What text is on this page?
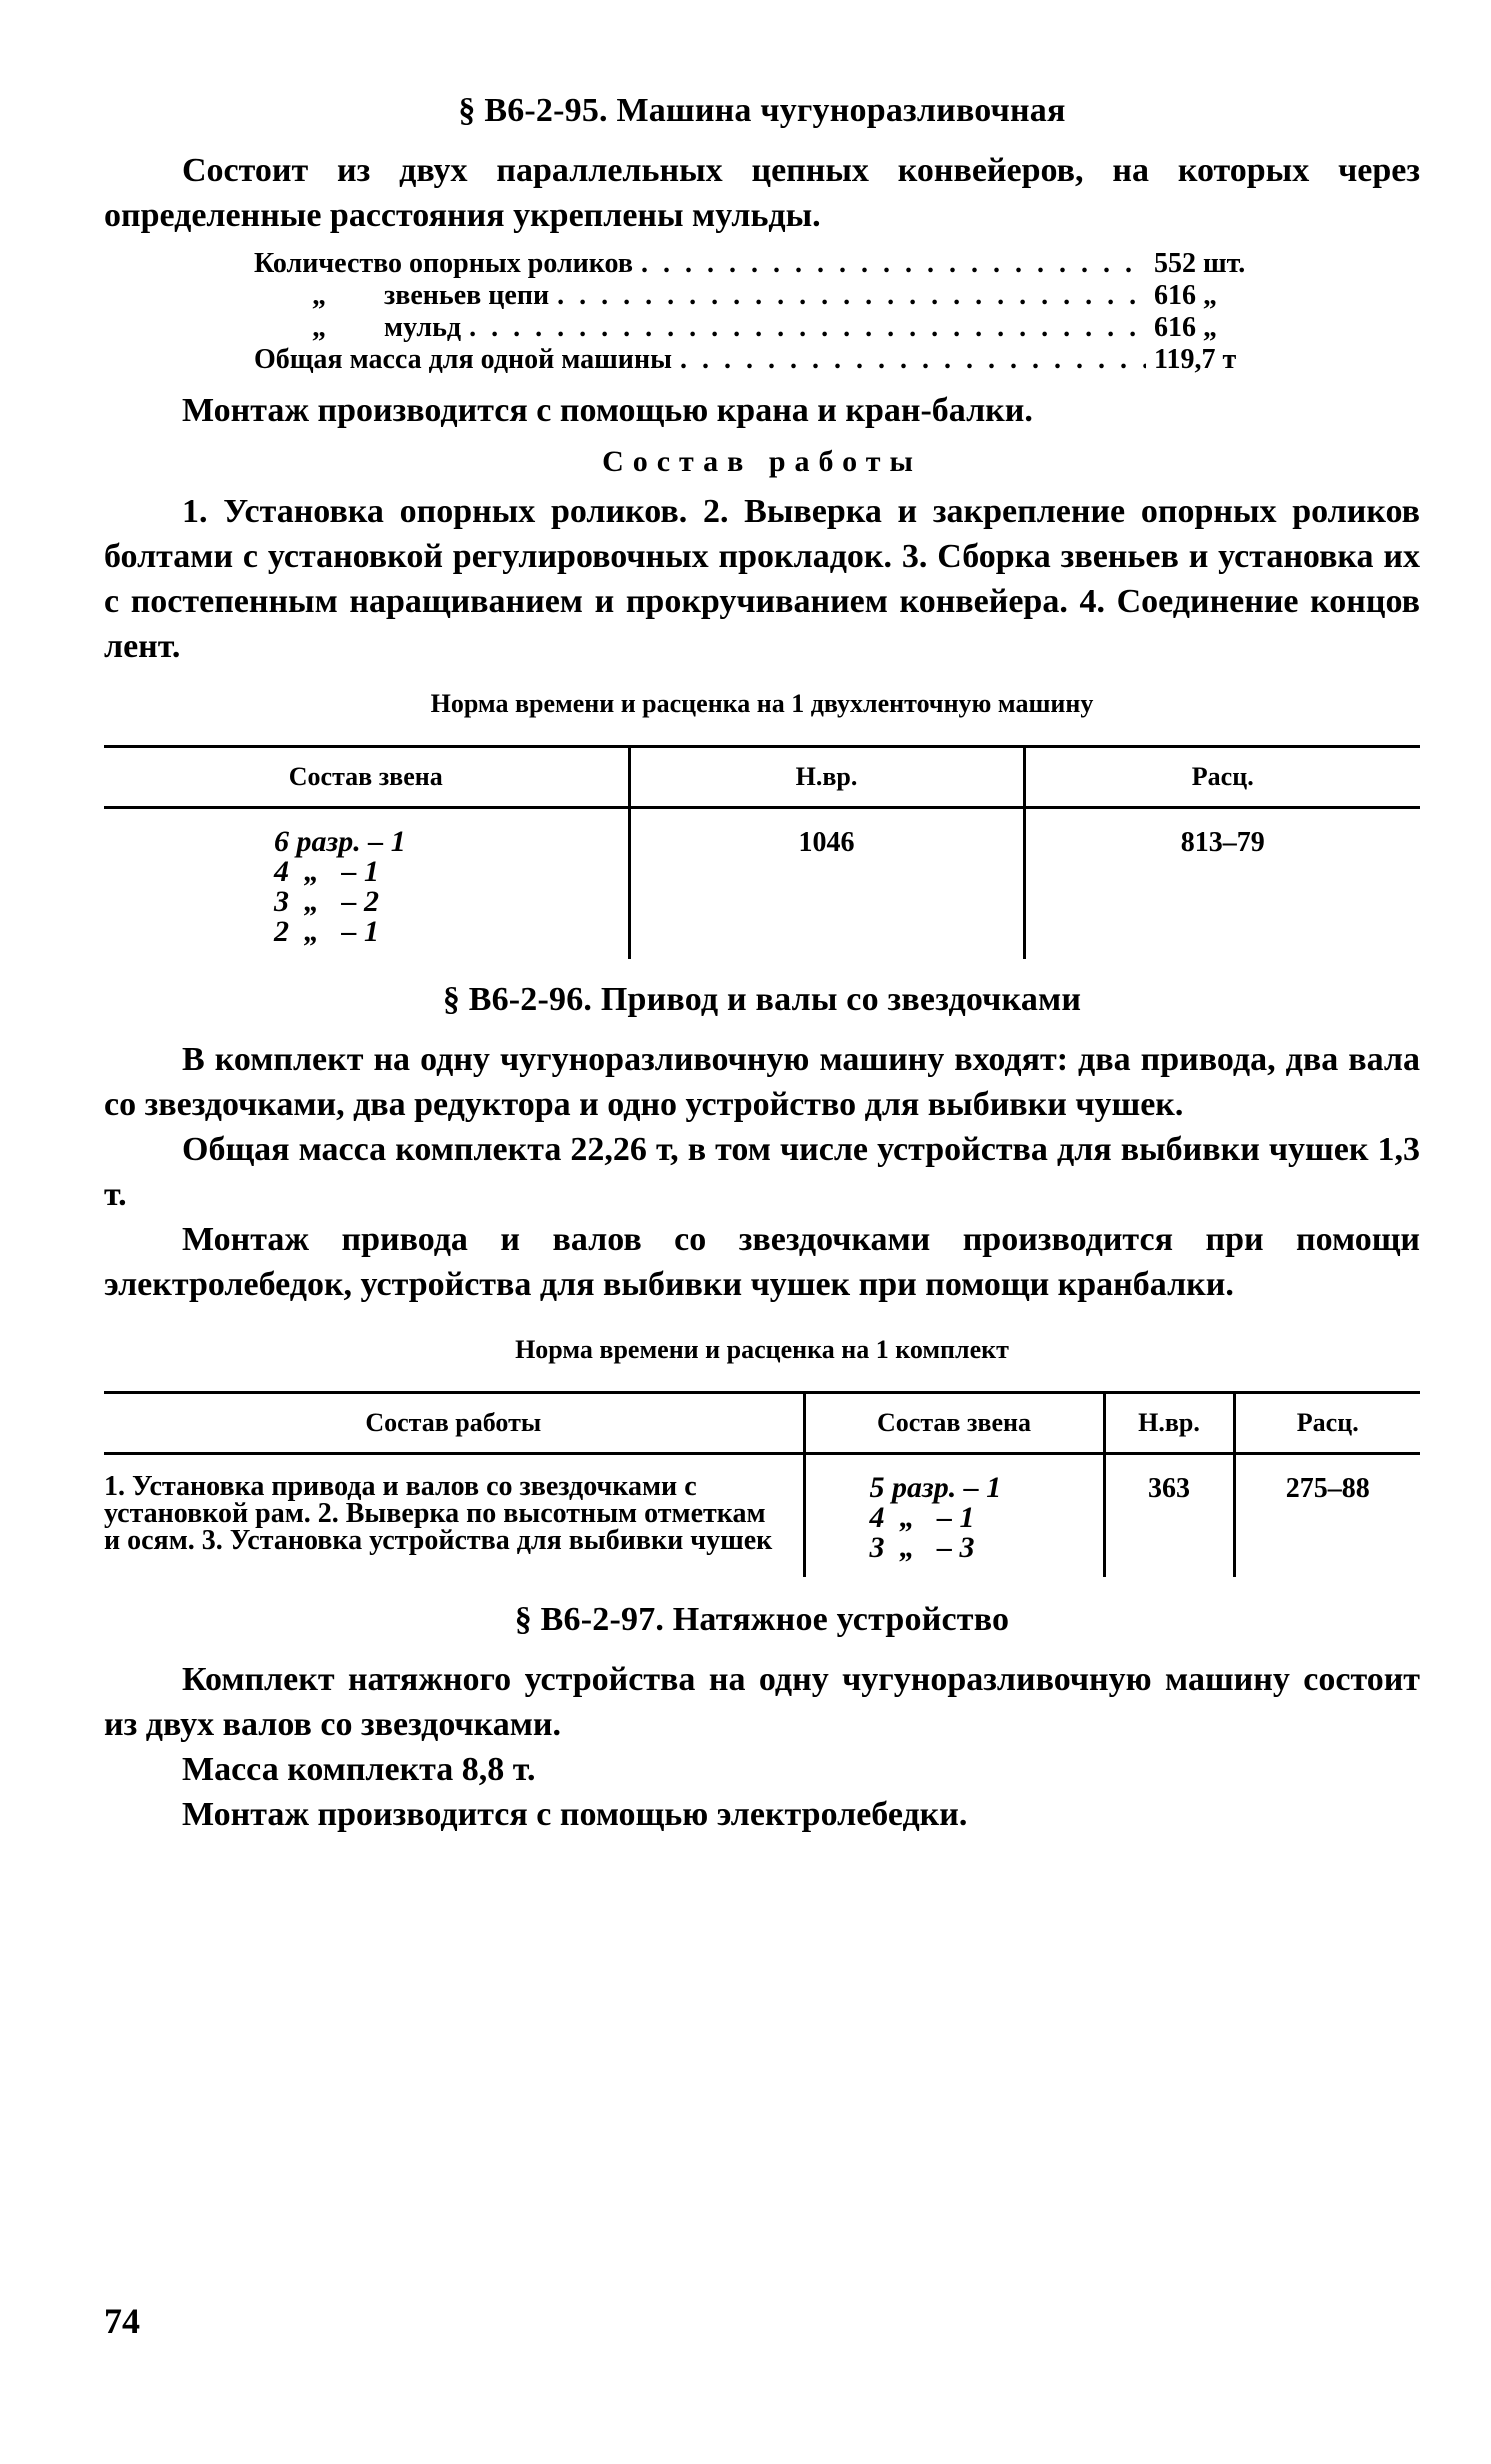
§ В6-2-95. Машина чугуноразливочная

Состоит из двух параллельных цепных конвейеров, на которых через определенные расстояния укреплены мульды.

Количество опорных роликов . . .	552 шт.
„ звеньев цепи . . .	616 „
„ мульд . . .	616 „
Общая масса для одной машины . . .	119,7 т

Монтаж производится с помощью крана и кран-балки.

Состав работы

1. Установка опорных роликов. 2. Выверка и закрепление опорных роликов болтами с установкой регулировочных прокладок. 3. Сборка звеньев и установка их с постепенным наращиванием и прокручиванием конвейера. 4. Соединение концов лент.

Норма времени и расценка на 1 двухленточную машину
Состав звена	Н.вр.	Расц.

6 разр. – 1
4  „   – 1
3  „   – 2
2  „   – 1	1046	813–79
§ В6-2-96. Привод и валы со звездочками

В комплект на одну чугуноразливочную машину входят: два привода, два вала со звездочками, два редуктора и одно устройство для выбивки чушек.

Общая масса комплекта 22,26 т, в том числе устройства для выбивки чушек 1,3 т.

Монтаж привода и валов со звездочками производится при помощи электролебедок, устройства для выбивки чушек при помощи кранбалки.

Норма времени и расценка на 1 комплект
Состав работы	Состав звена	Н.вр.	Расц.
1. Установка привода и валов со звездочками с установкой рам. 2. Выверка по высотным отметкам и осям. 3. Установка устройства для выбивки чушек	5 разр. – 1
4  „   – 1
3  „   – 3	363	275–88
§ В6-2-97. Натяжное устройство

Комплект натяжного устройства на одну чугуноразливочную машину состоит из двух валов со звездочками.

Масса комплекта 8,8 т.

Монтаж производится с помощью электролебедки.

74
